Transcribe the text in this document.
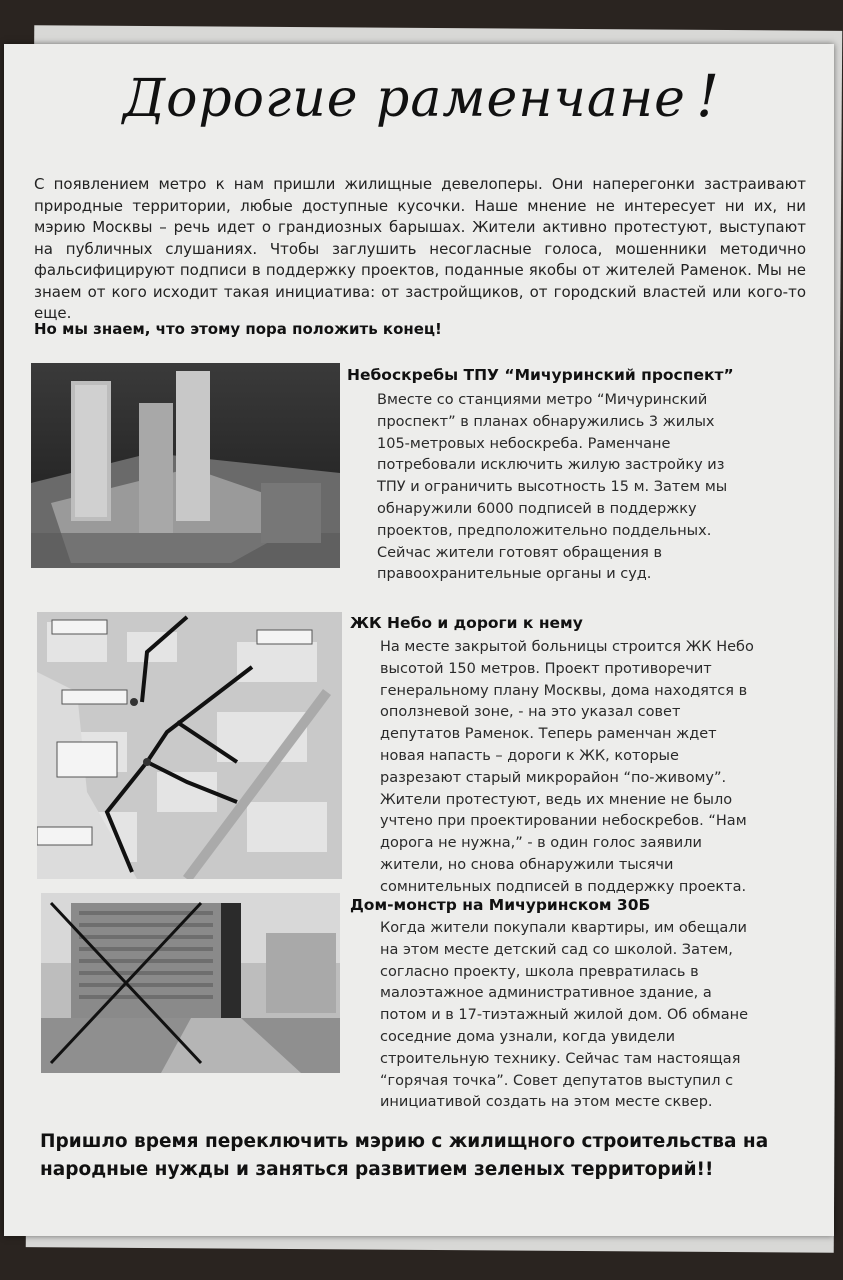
Дорогие раменчане !
С появлением метро к нам пришли жилищные девелоперы. Они наперегонки застраивают природные территории, любые доступные кусочки. Наше мнение не интересует ни их, ни мэрию Москвы – речь идет о грандиозных барышах. Жители активно протестуют, выступают на публичных слушаниях. Чтобы заглушить несогласные голоса, мошенники методично фальсифицируют подписи в поддержку проектов, поданные якобы от жителей Раменок. Мы не знаем от кого исходит такая инициатива: от застройщиков, от городский властей или кого-то еще.
Но мы знаем, что этому пора положить конец!
Небоскребы ТПУ “Мичуринский проспект”
Вместе со станциями метро “Мичуринский
проспект” в планах обнаружились 3 жилых
105-метровых небоскреба. Раменчане
потребовали исключить жилую застройку из
ТПУ и ограничить высотность 15 м. Затем мы
обнаружили 6000 подписей в поддержку
проектов, предположительно поддельных.
Сейчас жители готовят обращения в
правоохранительные органы и суд.
ЖК Небо и дороги к нему
На месте закрытой больницы строится ЖК Небо
высотой 150 метров. Проект противоречит
генеральному плану Москвы, дома находятся в
оползневой зоне, - на это указал совет
депутатов Раменок. Теперь раменчан ждет
новая напасть – дороги к ЖК, которые
разрезают старый микрорайон “по-живому”.
Жители протестуют, ведь их мнение не было
учтено при проектировании небоскребов. “Нам
дорога не нужна,” - в один голос заявили
жители, но снова обнаружили тысячи
сомнительных подписей в поддержку проекта.
Дом-монстр на Мичуринском 30Б
Когда жители покупали квартиры, им обещали
на этом месте детский сад со школой. Затем,
согласно проекту, школа превратилась в
малоэтажное административное здание, а
потом и в 17-тиэтажный жилой дом. Об обмане
соседние дома узнали, когда увидели
строительную технику. Сейчас там настоящая
“горячая точка”. Совет депутатов выступил с
инициативой создать на этом месте сквер.
Пришло время переключить мэрию с жилищного строительства на народные нужды и заняться развитием зеленых территорий!!
